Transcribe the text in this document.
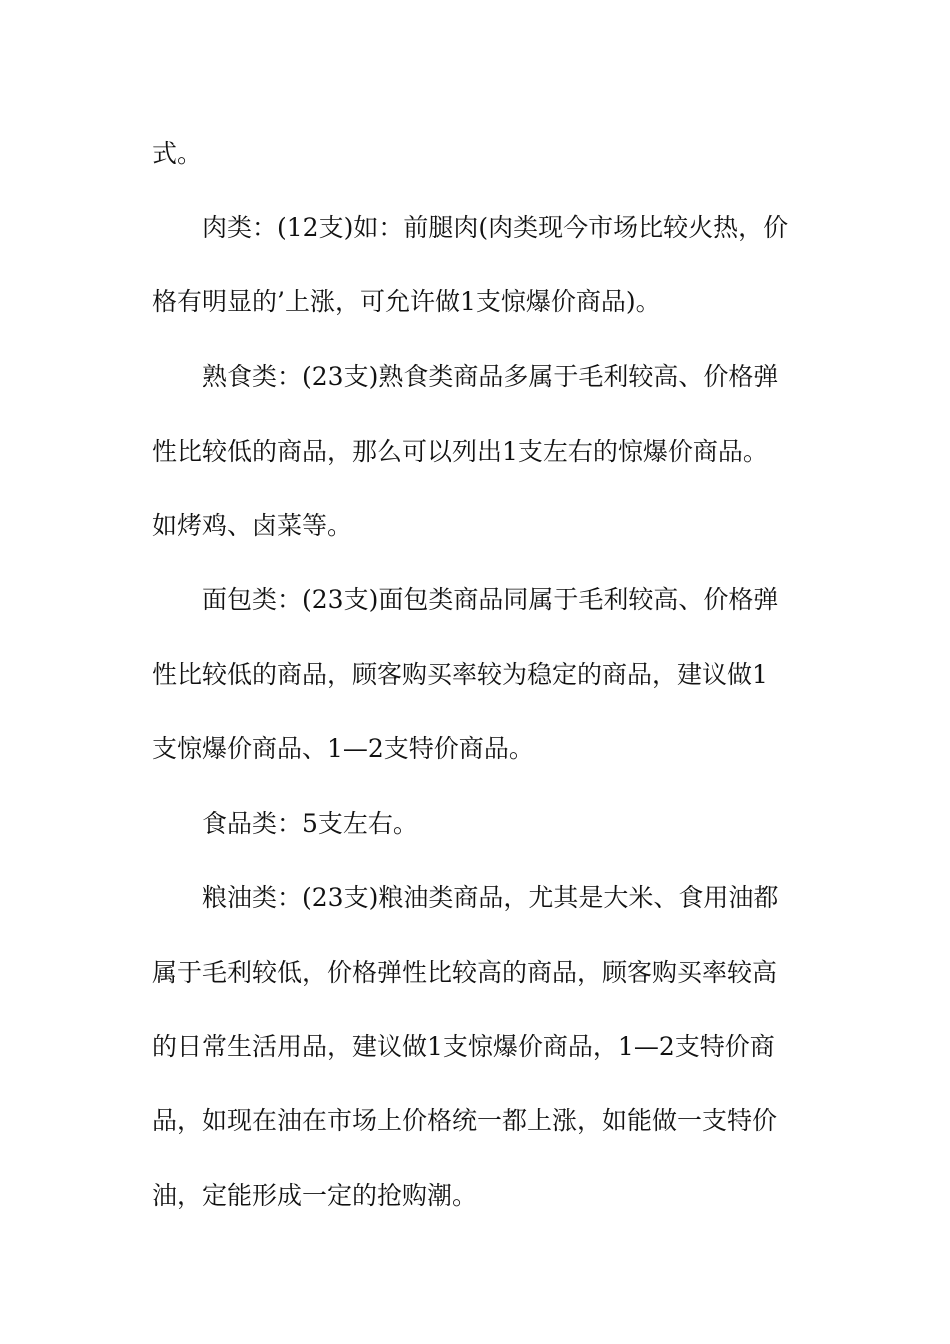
式。
肉类：(12支)如：前腿肉(肉类现今市场比较火热，价
格有明显的’上涨，可允许做1支惊爆价商品)。
熟食类：(23支)熟食类商品多属于毛利较高、价格弹
性比较低的商品，那么可以列出1支左右的惊爆价商品。
如烤鸡、卤菜等。
面包类：(23支)面包类商品同属于毛利较高、价格弹
性比较低的商品，顾客购买率较为稳定的商品，建议做1
支惊爆价商品、1—2支特价商品。
食品类：5支左右。
粮油类：(23支)粮油类商品，尤其是大米、食用油都
属于毛利较低，价格弹性比较高的商品，顾客购买率较高
的日常生活用品，建议做1支惊爆价商品，1—2支特价商
品，如现在油在市场上价格统一都上涨，如能做一支特价
油，定能形成一定的抢购潮。
